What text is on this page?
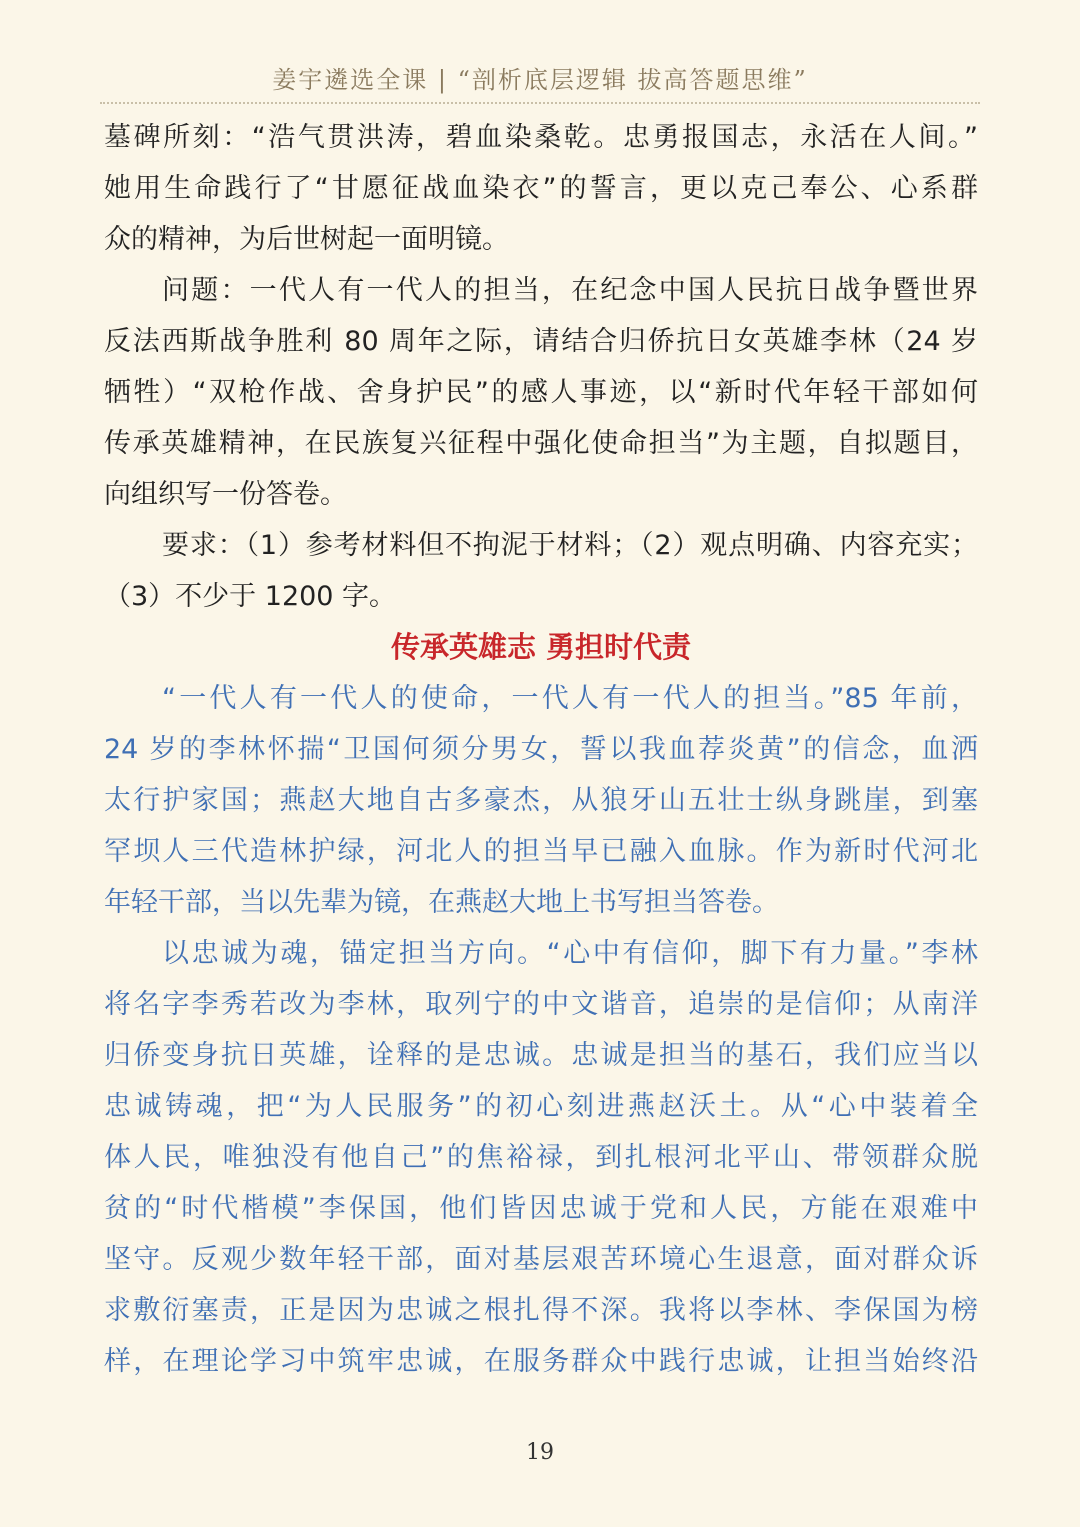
姜宇遴选全课 | “剖析底层逻辑 拔高答题思维”
墓碑所刻：“浩气贯洪涛，碧血染桑乾。忠勇报国志，永活在人间。”
她用生命践行了“甘愿征战血染衣”的誓言，更以克己奉公、心系群
众的精神，为后世树起一面明镜。
问题：一代人有一代人的担当，在纪念中国人民抗日战争暨世界
反法西斯战争胜利 80 周年之际，请结合归侨抗日女英雄李林（24 岁
牺牲）“双枪作战、舍身护民”的感人事迹，以“新时代年轻干部如何
传承英雄精神，在民族复兴征程中强化使命担当”为主题，自拟题目，
向组织写一份答卷。
要求：（1）参考材料但不拘泥于材料；（2）观点明确、内容充实；
（3）不少于 1200 字。
传承英雄志 勇担时代责
“一代人有一代人的使命，一代人有一代人的担当。”85 年前，
24 岁的李林怀揣“卫国何须分男女，誓以我血荐炎黄”的信念，血洒
太行护家国；燕赵大地自古多豪杰，从狼牙山五壮士纵身跳崖，到塞
罕坝人三代造林护绿，河北人的担当早已融入血脉。作为新时代河北
年轻干部，当以先辈为镜，在燕赵大地上书写担当答卷。
以忠诚为魂，锚定担当方向。“心中有信仰，脚下有力量。”李林
将名字李秀若改为李林，取列宁的中文谐音，追崇的是信仰；从南洋
归侨变身抗日英雄，诠释的是忠诚。忠诚是担当的基石，我们应当以
忠诚铸魂，把“为人民服务”的初心刻进燕赵沃土。从“心中装着全
体人民，唯独没有他自己”的焦裕禄，到扎根河北平山、带领群众脱
贫的“时代楷模”李保国，他们皆因忠诚于党和人民，方能在艰难中
坚守。反观少数年轻干部，面对基层艰苦环境心生退意，面对群众诉
求敷衍塞责，正是因为忠诚之根扎得不深。我将以李林、李保国为榜
样，在理论学习中筑牢忠诚，在服务群众中践行忠诚，让担当始终沿
19
